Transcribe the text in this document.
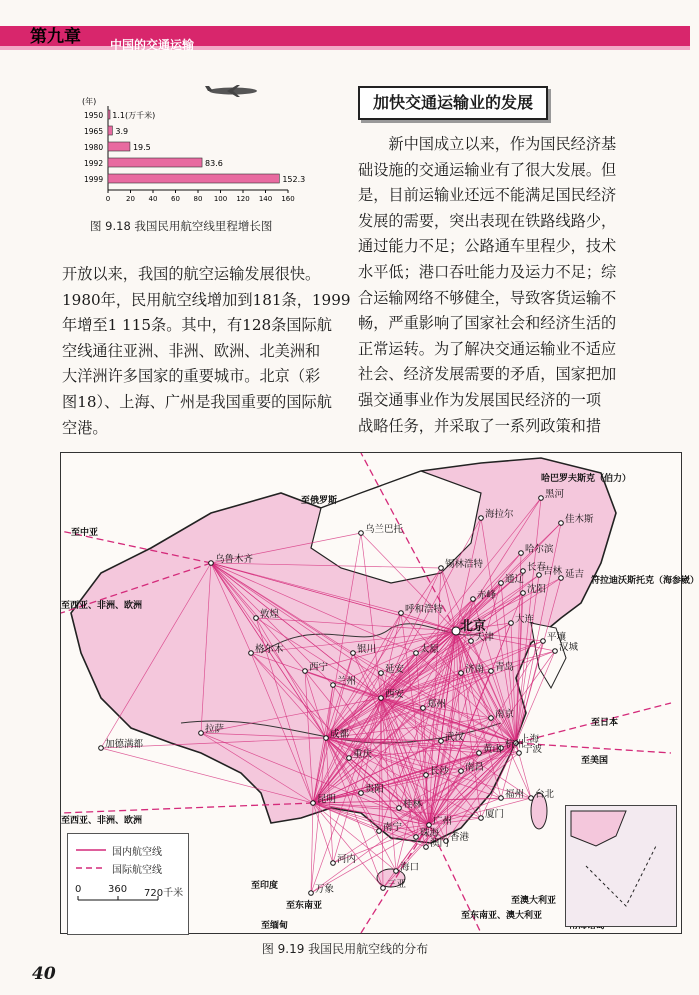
第九章 中国的交通运输
(年)
1950 1.1(万千米)
1965 3.9
1980	19.5
1992	83.6
1999	152.3
0 20 40 60 80 100 120 140 160
图 9.18 我国民用航空线里程增长图
加快交通运输业的发展
　　新中国成立以来，作为国民经济基
础设施的交通运输业有了很大发展。但
是，目前运输业还远不能满足国民经济
发展的需要，突出表现在铁路线路少，
通过能力不足；公路通车里程少，技术
水平低；港口吞吐能力及运力不足；综
合运输网络不够健全，导致客货运输不
畅，严重影响了国家社会和经济生活的
正常运转。为了解决交通运输业不适应
社会、经济发展需要的矛盾，国家把加
强交通事业作为发展国民经济的一项
战略任务，并采取了一系列政策和措
开放以来，我国的航空运输发展很快。
1980年，民用航空线增加到181条，1999
年增至1 115条。其中，有128条国际航
空线通往亚洲、非洲、欧洲、北美洲和
大洋洲许多国家的重要城市。北京（彩
图18）、上海、广州是我国重要的国际航
空港。
北京
上海
乌鲁木齐
哈尔滨
沈阳
大连
天津
济南 青岛
南京
杭州
宁波
福州 台北
厦门
广州
香港
澳门
珠海
海口
三亚
南宁
桂林
贵阳
昆明
成都
重庆
西安
兰州
西宁
银川
延安
太原
郑州
武汉
长沙 南昌
黄山
呼和浩特
敦煌
格尔木
拉萨
长春
吉林
佳木斯
海拉尔
黑河
延吉
锡林浩特
通辽
赤峰
乌兰巴托
平壤
汉城
河内
万象
加德满都
至中亚
至西亚、非洲、欧洲
至西亚、非洲、欧洲
至俄罗斯
哈巴罗夫斯克（伯力）
符拉迪沃斯托克（海参崴）
至日本
至美国
至印度
至东南亚
至缅甸
至东南亚、澳大利亚
至澳大利亚
国内航空线
国际航空线
0	360 720千米
图 9.19 我国民用航空线的分布
40
